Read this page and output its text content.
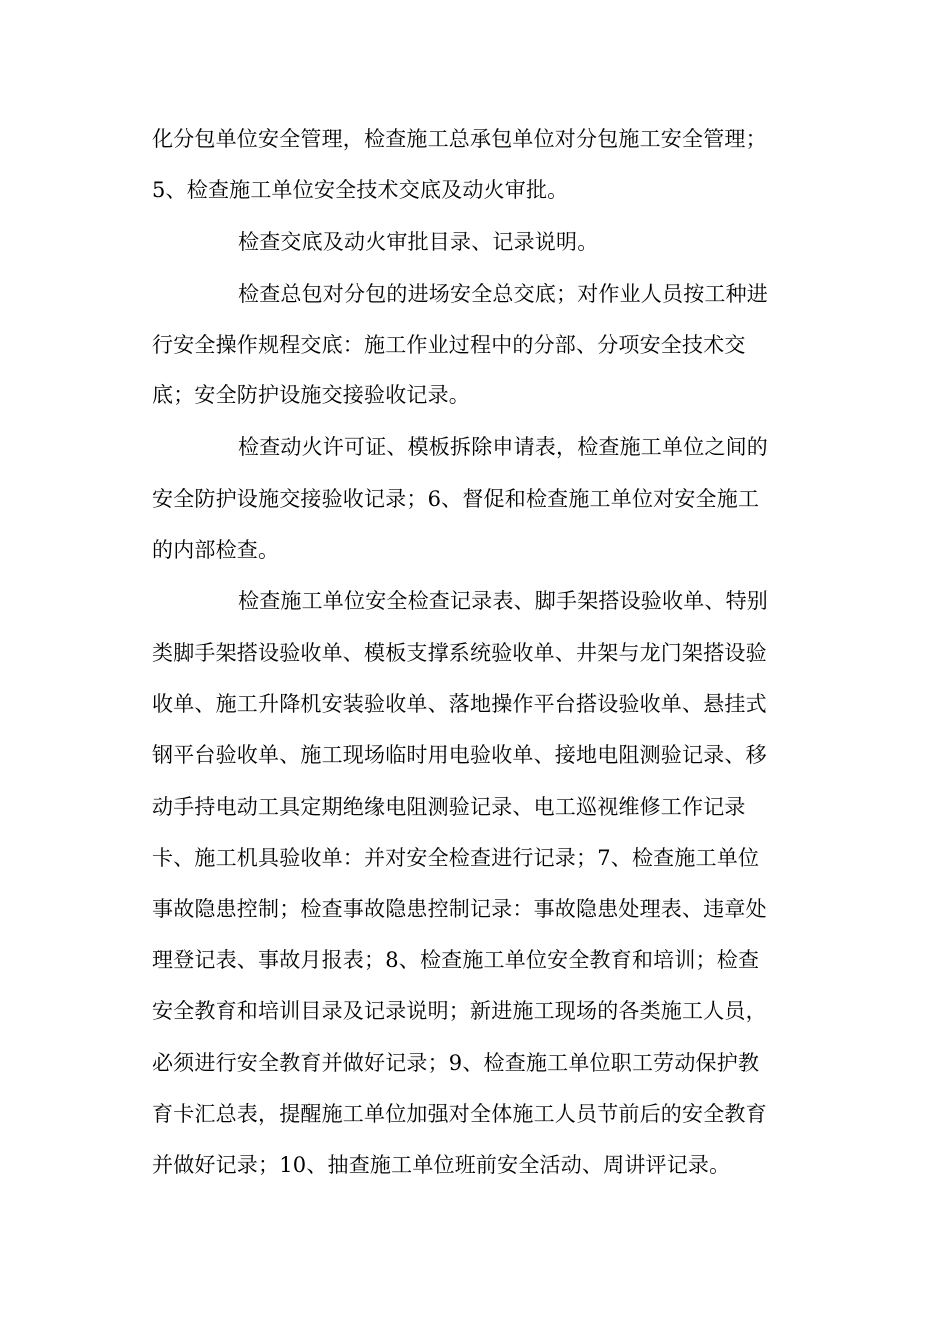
化分包单位安全管理，检查施工总承包单位对分包施工安全管理；
5、检查施工单位安全技术交底及动火审批。
检查交底及动火审批目录、记录说明。
检查总包对分包的进场安全总交底；对作业人员按工种进
行安全操作规程交底：施工作业过程中的分部、分项安全技术交
底；安全防护设施交接验收记录。
检查动火许可证、模板拆除申请表，检查施工单位之间的
安全防护设施交接验收记录；6、督促和检查施工单位对安全施工
的内部检查。
检查施工单位安全检查记录表、脚手架搭设验收单、特别
类脚手架搭设验收单、模板支撑系统验收单、井架与龙门架搭设验
收单、施工升降机安装验收单、落地操作平台搭设验收单、悬挂式
钢平台验收单、施工现场临时用电验收单、接地电阻测验记录、移
动手持电动工具定期绝缘电阻测验记录、电工巡视维修工作记录
卡、施工机具验收单：并对安全检查进行记录；7、检查施工单位
事故隐患控制；检查事故隐患控制记录：事故隐患处理表、违章处
理登记表、事故月报表；8、检查施工单位安全教育和培训；检查
安全教育和培训目录及记录说明；新进施工现场的各类施工人员，
必须进行安全教育并做好记录；9、检查施工单位职工劳动保护教
育卡汇总表，提醒施工单位加强对全体施工人员节前后的安全教育
并做好记录；10、抽查施工单位班前安全活动、周讲评记录。
